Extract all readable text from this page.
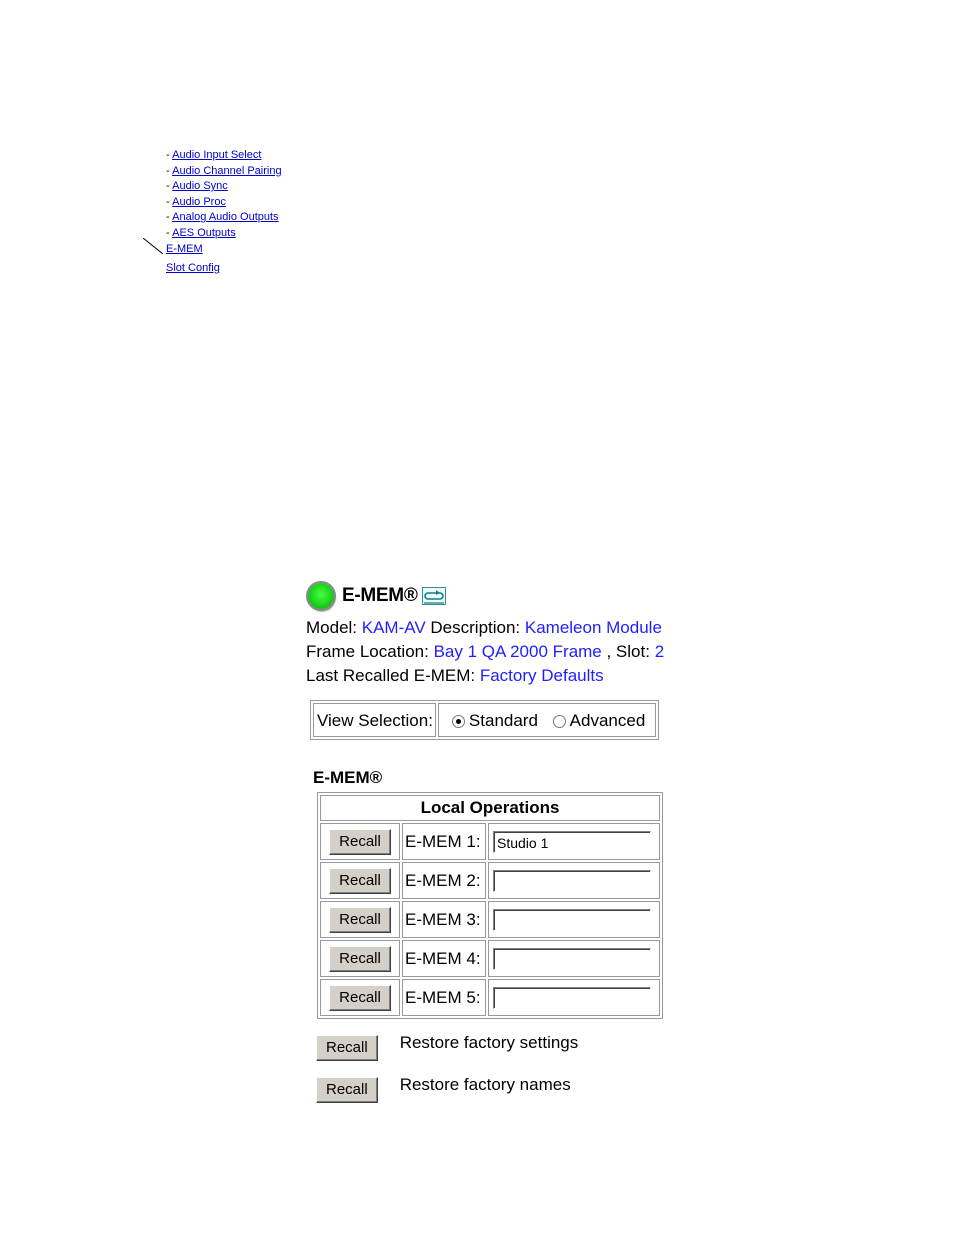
- Audio Input Select
- Audio Channel Pairing
- Audio Sync
- Audio Proc
- Analog Audio Outputs
- AES Outputs
E-MEM
Slot Config
E-MEM®
Model: KAM-AV Description: Kameleon Module
Frame Location: Bay 1 QA 2000 Frame , Slot: 2
Last Recalled E-MEM: Factory Defaults
View Selection:	Standard Advanced
E-MEM®
Local Operations
Recall	E-MEM 1:	Studio 1
Recall	E-MEM 2:
Recall	E-MEM 3:
Recall	E-MEM 4:
Recall	E-MEM 5:
Recall	Restore factory settings
Recall	Restore factory names
